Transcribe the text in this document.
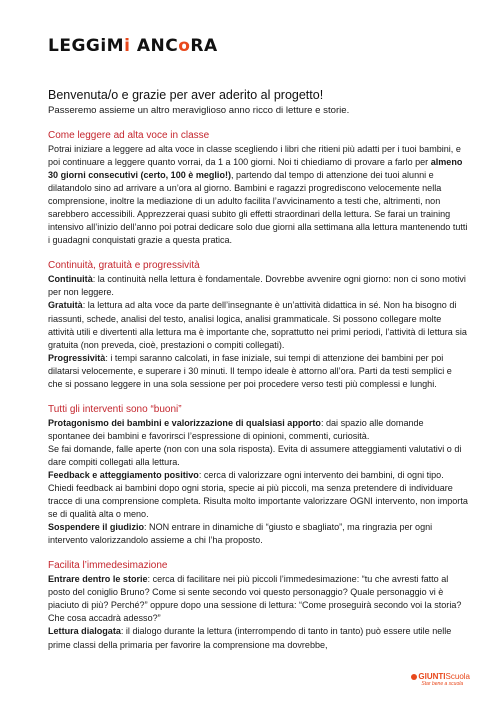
LEGGiMi ANCoRA
Benvenuta/o e grazie per aver aderito al progetto!

Passeremo assieme un altro meraviglioso anno ricco di letture e storie.

Come leggere ad alta voce in classe

Potrai iniziare a leggere ad alta voce in classe scegliendo i libri che ritieni più adatti per i tuoi bambini, e poi continuare a leggere quanto vorrai, da 1 a 100 giorni. Noi ti chiediamo di provare a farlo per almeno 30 giorni consecutivi (certo, 100 è meglio!), partendo dal tempo di attenzione dei tuoi alunni e dilatandolo sino ad arrivare a un’ora al giorno. Bambini e ragazzi progrediscono velocemente nella comprensione, inoltre la mediazione di un adulto facilita l’avvicinamento a testi che, altrimenti, non sarebbero accessibili. Apprezzerai quasi subito gli effetti straordinari della lettura. Se farai un training intensivo all’inizio dell’anno poi potrai dedicare solo due giorni alla settimana alla lettura mantenendo tutti i guadagni conquistati grazie a questa pratica.

Continuità, gratuità e progressività

Continuità: la continuità nella lettura è fondamentale. Dovrebbe avvenire ogni giorno: non ci sono motivi per non leggere.

Gratuità: la lettura ad alta voce da parte dell’insegnante è un’attività didattica in sé. Non ha bisogno di riassunti, schede, analisi del testo, analisi logica, analisi grammaticale. Si possono collegare molte attività utili e divertenti alla lettura ma è importante che, soprattutto nei primi periodi, l’attività di lettura sia gratuita (non preveda, cioè, prestazioni o compiti collegati).

Progressività: i tempi saranno calcolati, in fase iniziale, sui tempi di attenzione dei bambini per poi dilatarsi velocemente, e superare i 30 minuti. Il tempo ideale è attorno all’ora. Parti da testi semplici e che si possano leggere in una sola sessione per poi procedere verso testi più complessi e lunghi.

Tutti gli interventi sono “buoni”

Protagonismo dei bambini e valorizzazione di qualsiasi apporto: dai spazio alle domande spontanee dei bambini e favorirsci l’espressione di opinioni, commenti, curiosità.

Se fai domande, falle aperte (non con una sola risposta). Evita di assumere atteggiamenti valutativi o di dare compiti collegati alla lettura.

Feedback e atteggiamento positivo: cerca di valorizzare ogni intervento dei bambini, di ogni tipo. Chiedi feedback ai bambini dopo ogni storia, specie ai più piccoli, ma senza pretendere di individuare tracce di una comprensione completa. Risulta molto importante valorizzare OGNI intervento, non importa se di qualità alta o meno.

Sospendere il giudizio: NON entrare in dinamiche di “giusto e sbagliato”, ma ringrazia per ogni intervento valorizzandolo assieme a chi l’ha proposto.

Facilita l’immedesimazione

Entrare dentro le storie: cerca di facilitare nei più piccoli l’immedesimazione: “tu che avresti fatto al posto del coniglio Bruno? Come si sente secondo voi questo personaggio? Quale personaggio vi è piaciuto di più? Perché?” oppure dopo una sessione di lettura: “Come proseguirà secondo voi la storia? Che cosa accadrà adesso?”

Lettura dialogata: il dialogo durante la lettura (interrompendo di tanto in tanto) può essere utile nelle prime classi della primaria per favorire la comprensione ma dovrebbe,

GIUNTIScuola
Star bene a scuola
